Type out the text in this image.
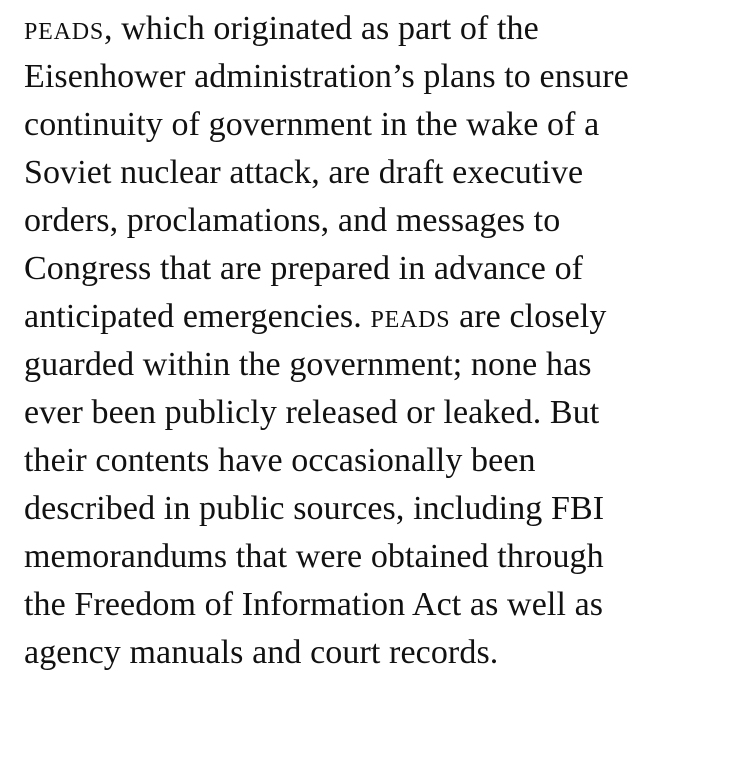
peads, which originated as part of the
Eisenhower administration’s plans to ensure
continuity of government in the wake of a
Soviet nuclear attack, are draft executive
orders, proclamations, and messages to
Congress that are prepared in advance of
anticipated emergencies. peads are closely
guarded within the government; none has
ever been publicly released or leaked. But
their contents have occasionally been
described in public sources, including FBI
memorandums that were obtained through
the Freedom of Information Act as well as
agency manuals and court records.
